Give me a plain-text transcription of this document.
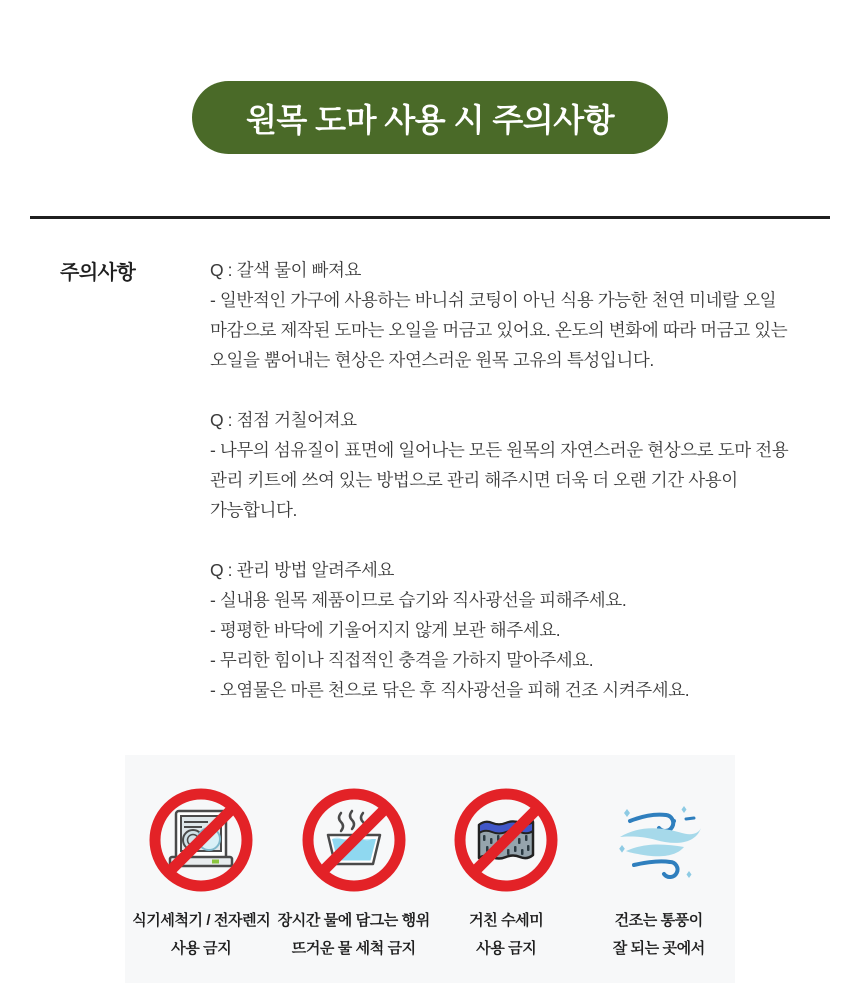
원목 도마 사용 시 주의사항
주의사항	Q : 갈색 물이 빠져요
- 일반적인 가구에 사용하는 바니쉬 코팅이 아닌 식용 가능한 천연 미네랄 오일
마감으로 제작된 도마는 오일을 머금고 있어요. 온도의 변화에 따라 머금고 있는
오일을 뿜어내는 현상은 자연스러운 원목 고유의 특성입니다.
Q : 점점 거칠어져요
- 나무의 섬유질이 표면에 일어나는 모든 원목의 자연스러운 현상으로 도마 전용
관리 키트에 쓰여 있는 방법으로 관리 해주시면 더욱 더 오랜 기간 사용이
가능합니다.
Q : 관리 방법 알려주세요
- 실내용 원목 제품이므로 습기와 직사광선을 피해주세요.
- 평평한 바닥에 기울어지지 않게 보관 해주세요.
- 무리한 힘이나 직접적인 충격을 가하지 말아주세요.
- 오염물은 마른 천으로 닦은 후 직사광선을 피해 건조 시켜주세요.
식기세척기 / 전자렌지
사용 금지
장시간 물에 담그는 행위
뜨거운 물 세척 금지
거친 수세미
사용 금지
건조는 통풍이
잘 되는 곳에서
